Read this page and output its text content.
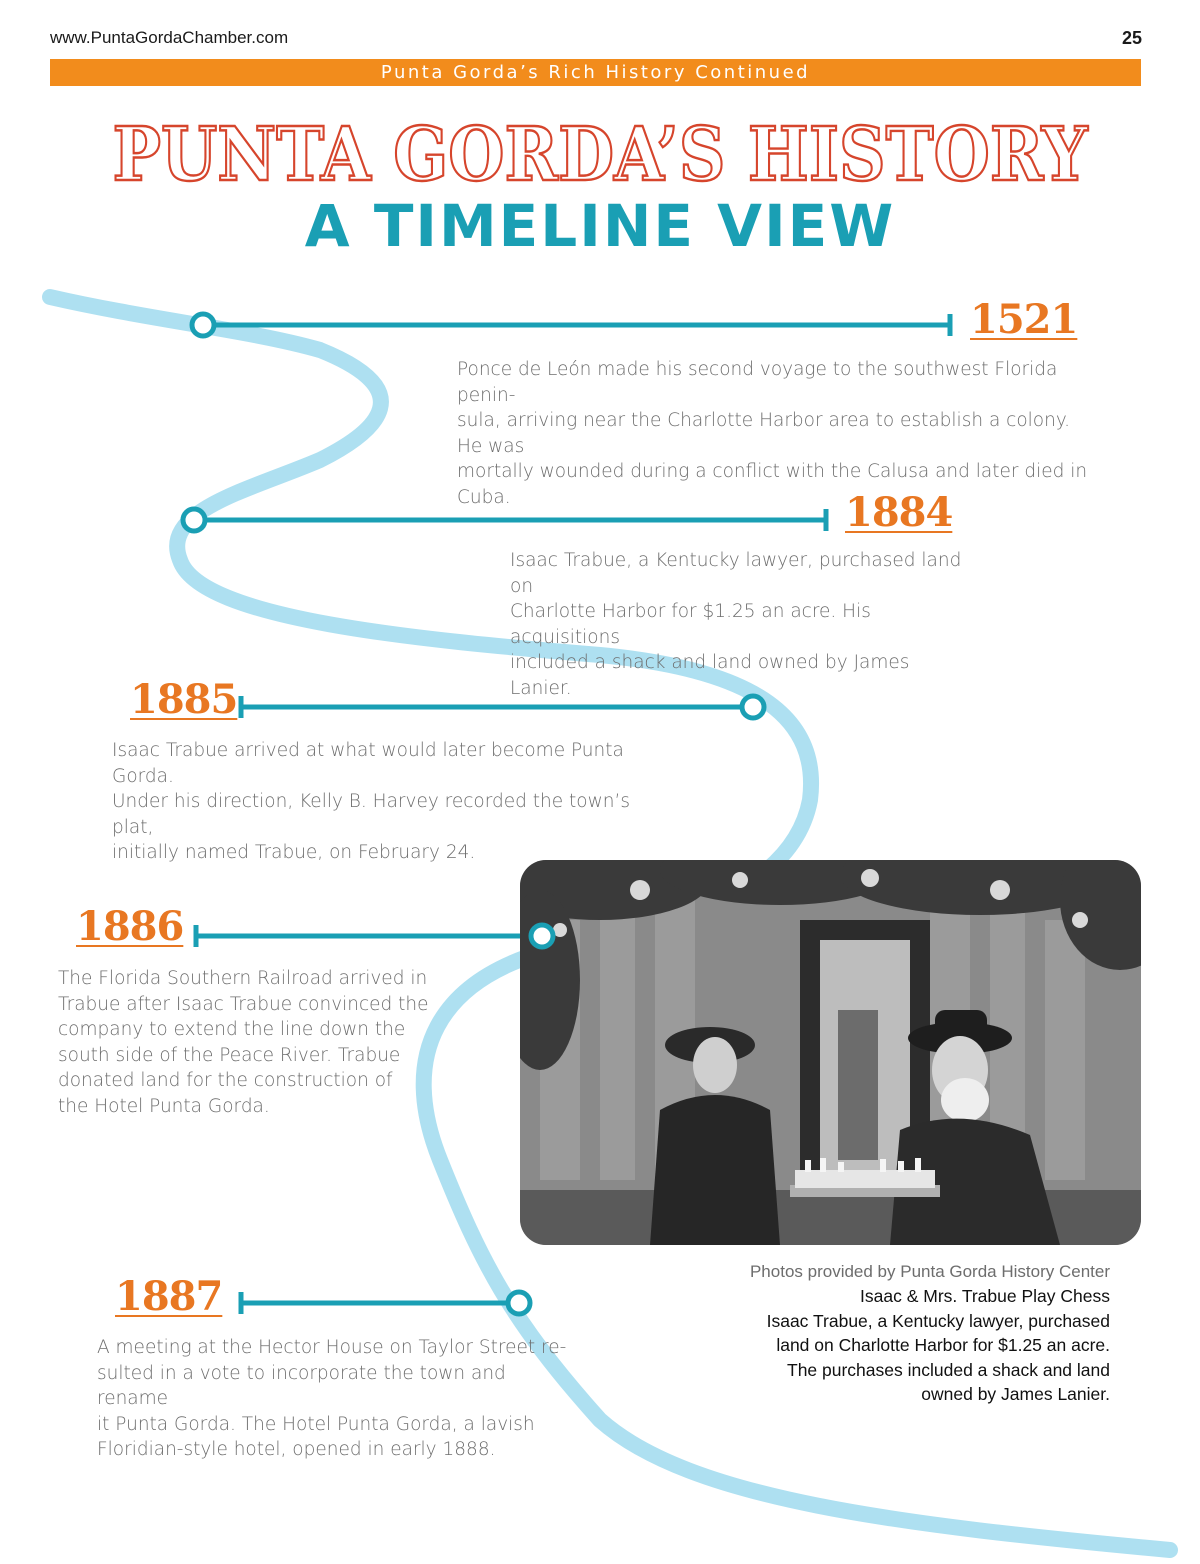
www.PuntaGordaChamber.com	25
Punta Gorda’s Rich History Continued
PUNTA GORDA’S HISTORY
A TIMELINE VIEW
1521
1884
1885
1886
1887
Ponce de León made his second voyage to the southwest Florida penin-
sula, arriving near the Charlotte Harbor area to establish a colony. He was
mortally wounded during a conflict with the Calusa and later died in Cuba.
Isaac Trabue, a Kentucky lawyer, purchased land on
Charlotte Harbor for $1.25 an acre. His acquisitions
included a shack and land owned by James Lanier.
Isaac Trabue arrived at what would later become Punta Gorda.
Under his direction, Kelly B. Harvey recorded the town’s plat,
initially named Trabue, on February 24.
The Florida Southern Railroad arrived in
Trabue after Isaac Trabue convinced the
company to extend the line down the
south side of the Peace River. Trabue
donated land for the construction of
the Hotel Punta Gorda.
A meeting at the Hector House on Taylor Street re-
sulted in a vote to incorporate the town and rename
it Punta Gorda. The Hotel Punta Gorda, a lavish
Floridian-style hotel, opened in early 1888.
Photos provided by Punta Gorda History Center
Isaac & Mrs. Trabue Play Chess
Isaac Trabue, a Kentucky lawyer, purchased
land on Charlotte Harbor for $1.25 an acre.
The purchases included a shack and land
owned by James Lanier.
